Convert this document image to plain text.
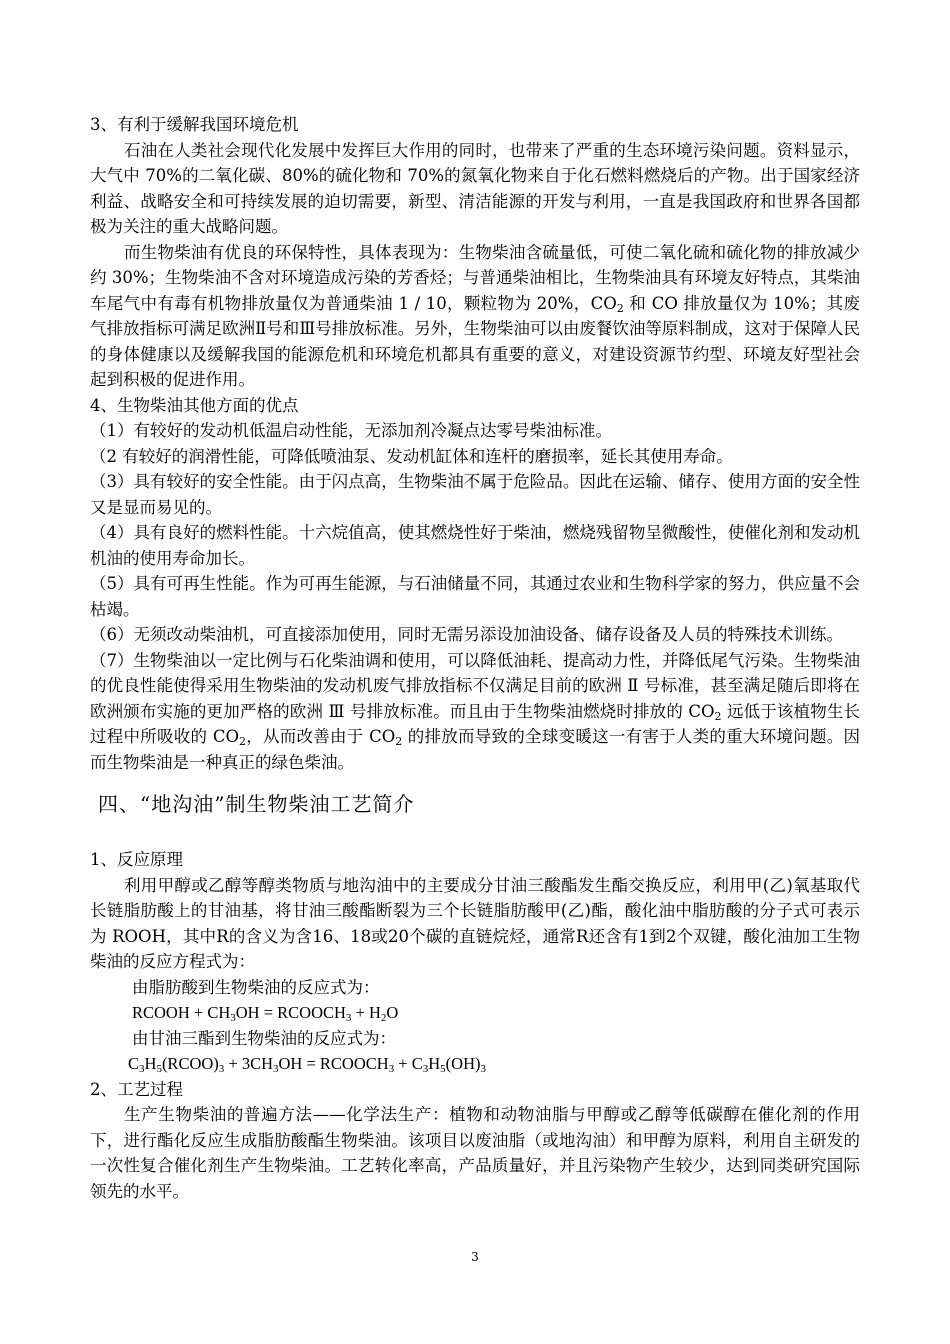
3、有利于缓解我国环境危机

石油在人类社会现代化发展中发挥巨大作用的同时，也带来了严重的生态环境污染问题。资料显示，大气中 70%的二氧化碳、80%的硫化物和 70%的氮氧化物来自于化石燃料燃烧后的产物。出于国家经济利益、战略安全和可持续发展的迫切需要，新型、清洁能源的开发与利用，一直是我国政府和世界各国都极为关注的重大战略问题。

而生物柴油有优良的环保特性，具体表现为：生物柴油含硫量低，可使二氧化硫和硫化物的排放减少约 30%；生物柴油不含对环境造成污染的芳香烃；与普通柴油相比，生物柴油具有环境友好特点，其柴油车尾气中有毒有机物排放量仅为普通柴油 1 / 10，颗粒物为 20%，$CO_2$ 和 CO 排放量仅为 10%；其废气排放指标可满足欧洲Ⅱ号和Ⅲ号排放标准。另外，生物柴油可以由废餐饮油等原料制成，这对于保障人民的身体健康以及缓解我国的能源危机和环境危机都具有重要的意义，对建设资源节约型、环境友好型社会起到积极的促进作用。

4、生物柴油其他方面的优点

（1）有较好的发动机低温启动性能，无添加剂冷凝点达零号柴油标准。

（2 有较好的润滑性能，可降低喷油泵、发动机缸体和连杆的磨损率，延长其使用寿命。

（3）具有较好的安全性能。由于闪点高，生物柴油不属于危险品。因此在运输、储存、使用方面的安全性又是显而易见的。

（4）具有良好的燃料性能。十六烷值高，使其燃烧性好于柴油，燃烧残留物呈微酸性，使催化剂和发动机机油的使用寿命加长。

（5）具有可再生性能。作为可再生能源，与石油储量不同，其通过农业和生物科学家的努力，供应量不会枯竭。

（6）无须改动柴油机，可直接添加使用，同时无需另添设加油设备、储存设备及人员的特殊技术训练。

（7）生物柴油以一定比例与石化柴油调和使用，可以降低油耗、提高动力性，并降低尾气污染。生物柴油的优良性能使得采用生物柴油的发动机废气排放指标不仅满足目前的欧洲 Ⅱ 号标准，甚至满足随后即将在欧洲颁布实施的更加严格的欧洲 Ⅲ 号排放标准。而且由于生物柴油燃烧时排放的 $CO_2$ 远低于该植物生长过程中所吸收的 $CO_2$，从而改善由于 $CO_2$ 的排放而导致的全球变暖这一有害于人类的重大环境问题。因而生物柴油是一种真正的绿色柴油。

四、“地沟油”制生物柴油工艺简介

1、反应原理

利用甲醇或乙醇等醇类物质与地沟油中的主要成分甘油三酸酯发生酯交换反应，利用甲(乙)氧基取代长链脂肪酸上的甘油基，将甘油三酸酯断裂为三个长链脂肪酸甲(乙)酯，酸化油中脂肪酸的分子式可表示为 ROOH，其中R的含义为含16、18或20个碳的直链烷烃，通常R还含有1到2个双键，酸化油加工生物柴油的反应方程式为：

由脂肪酸到生物柴油的反应式为：

RCOOH + $CH_3OH$ = $RCOOCH_3 + H_2O$

由甘油三酯到生物柴油的反应式为：

$C_3H_5(RCOO)_3 + 3CH_3OH$ = $RCOOCH_3 + C_3H_5(OH)_3$

2、工艺过程

生产生物柴油的普遍方法——化学法生产：植物和动物油脂与甲醇或乙醇等低碳醇在催化剂的作用下，进行酯化反应生成脂肪酸酯生物柴油。该项目以废油脂（或地沟油）和甲醇为原料，利用自主研发的一次性复合催化剂生产生物柴油。工艺转化率高，产品质量好，并且污染物产生较少，达到同类研究国际领先的水平。

3
